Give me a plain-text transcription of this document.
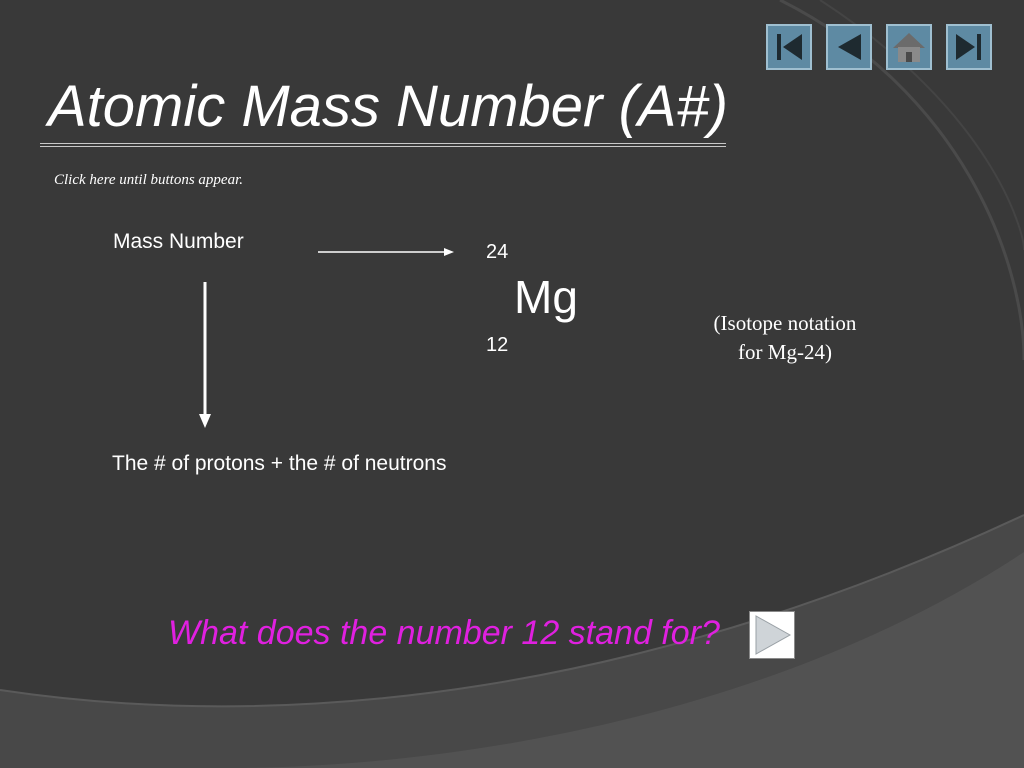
Atomic Mass Number (A#)
Click here until buttons appear.
Mass Number	24
Mg
12
(Isotope notation
for Mg-24)
The # of protons + the # of neutrons
What does the number 12 stand for?
